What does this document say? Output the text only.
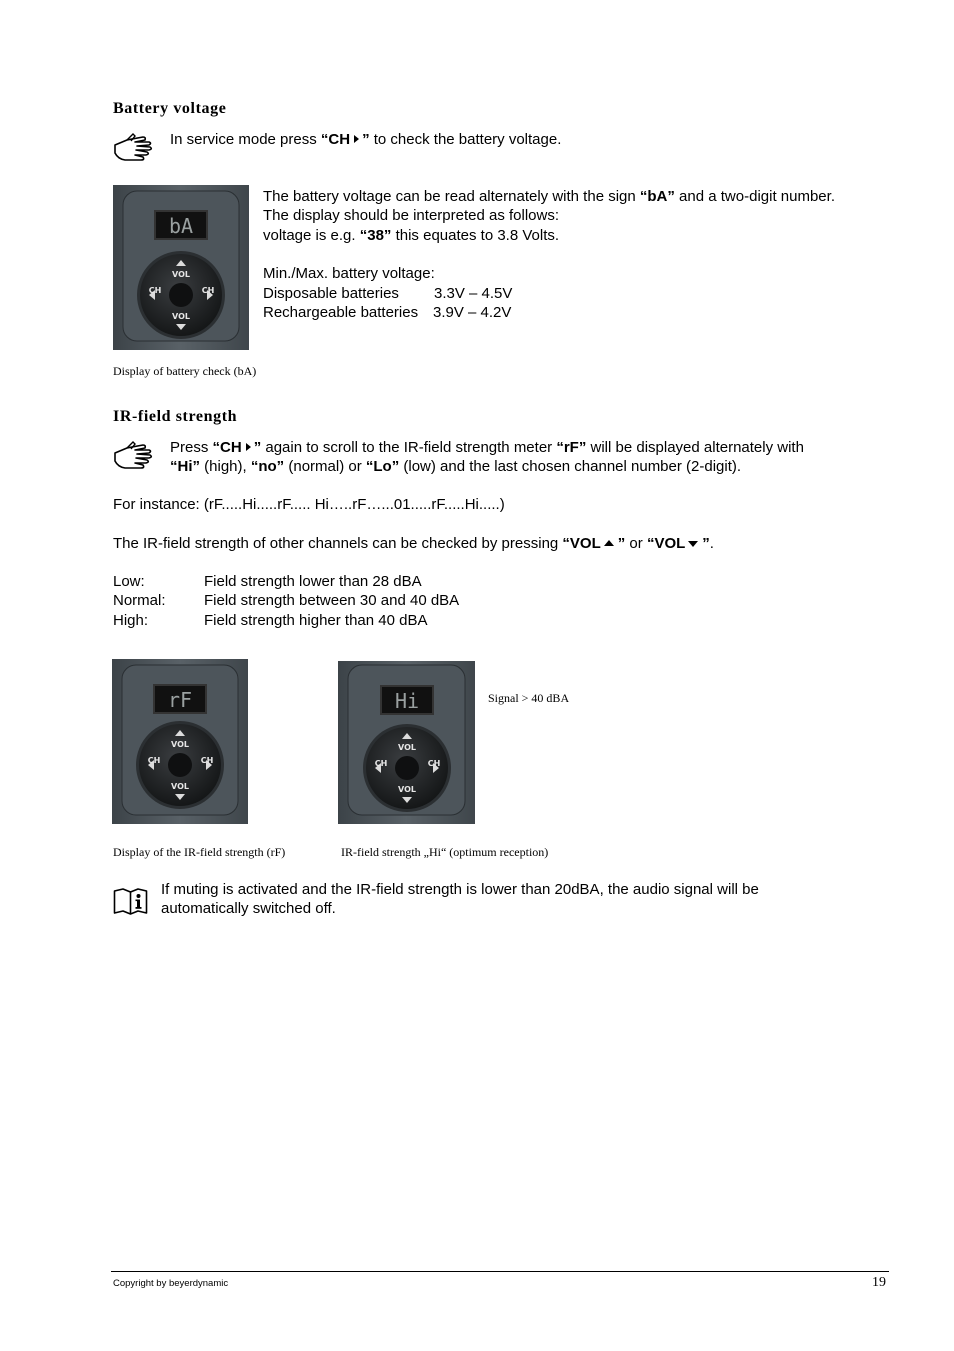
Battery voltage
In service mode press “CH ” to check the battery voltage.
bA
VOL
VOL
CH	CH
The battery voltage can be read alternately with the sign “bA” and a two-digit number.
The display should be interpreted as follows:
voltage is e.g. “38” this equates to 3.8 Volts.
Min./Max. battery voltage:
Disposable batteries 3.3V – 4.5V
Rechargeable batteries 3.9V – 4.2V
Display of battery check (bA)
IR-field strength
Press “CH ” again to scroll to the IR-field strength meter “rF” will be displayed alternately with
“Hi” (high), “no” (normal) or “Lo” (low) and the last chosen channel number (2-digit).
For instance: (rF.....Hi.....rF..... Hi…..rF…...01.....rF.....Hi.....)
The IR-field strength of other channels can be checked by pressing “VOL ” or “VOL ”.
Low:	Field strength lower than 28 dBA
Normal:	Field strength between 30 and 40 dBA
High:	Field strength higher than 40 dBA
rF
VOL
VOL
CH	CH
Hi
VOL
VOL
CH	CH
Signal > 40 dBA
Display of the IR-field strength (rF)	IR-field strength „Hi“ (optimum reception)
If muting is activated and the IR-field strength is lower than 20dBA, the audio signal will be
automatically switched off.
Copyright by beyerdynamic	19
